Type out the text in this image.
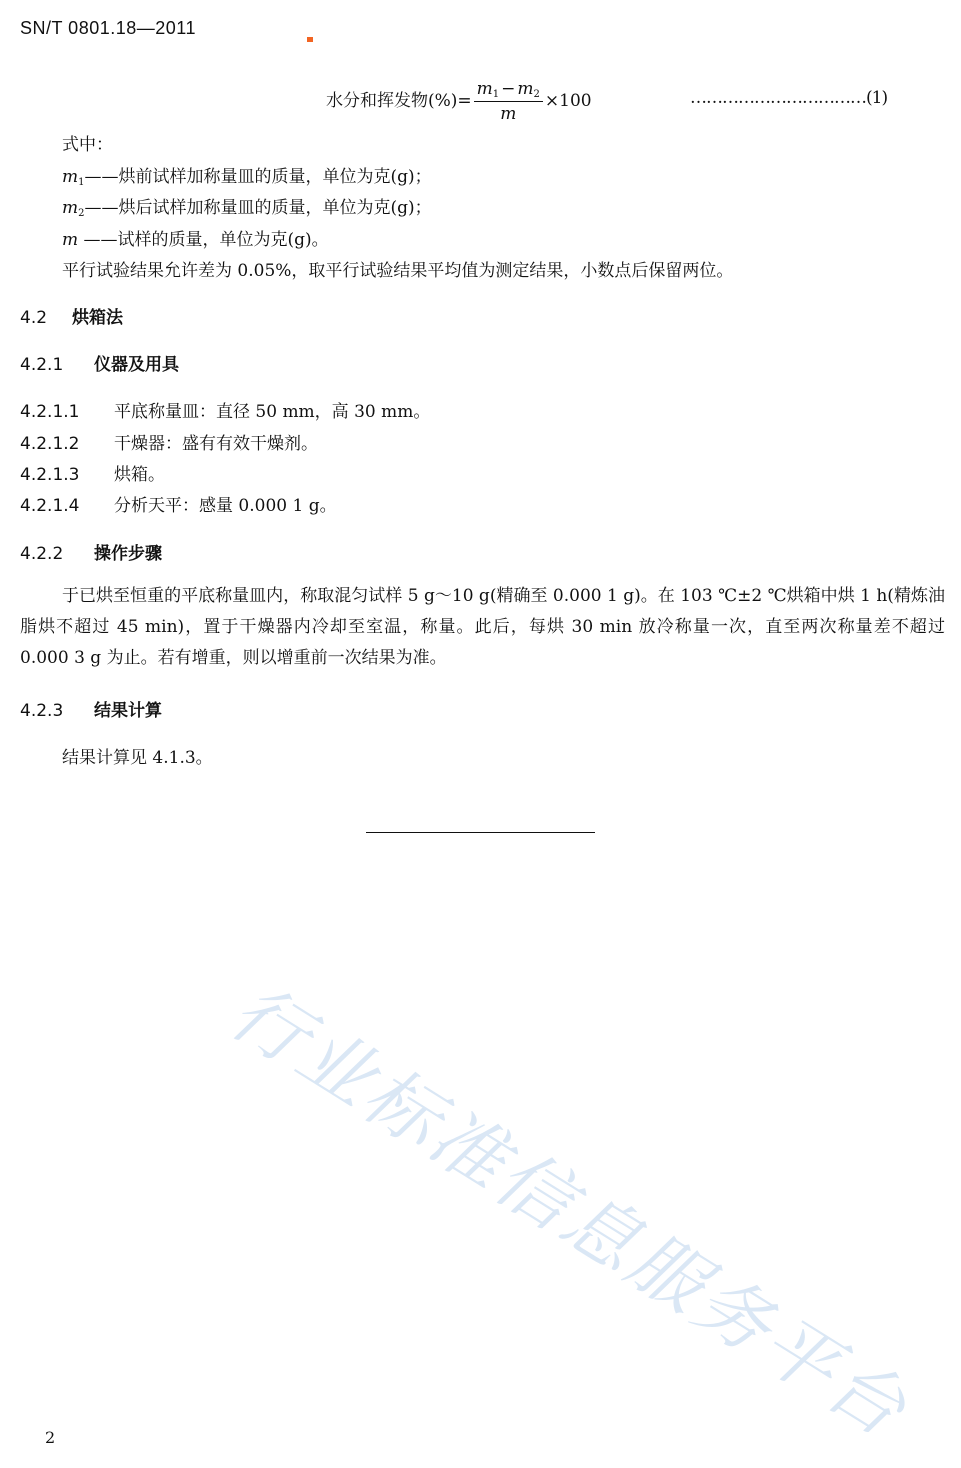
SN/T 0801.18—2011
水分和挥发物(%)= $\frac{m_1 - m_2}{m} \times 100$	……………………………(1)
式中：
$m_1——$烘前试样加称量皿的质量，单位为克(g)；
$m_2——$烘后试样加称量皿的质量，单位为克(g)；
m ——试样的质量，单位为克(g)。
平行试验结果允许差为 0.05%，取平行试验结果平均值为测定结果，小数点后保留两位。
4.2 烘箱法
4.2.1 仪器及用具
4.2.1.1 平底称量皿：直径 50 mm，高 30 mm。
4.2.1.2 干燥器：盛有有效干燥剂。
4.2.1.3 烘箱。
4.2.1.4 分析天平：感量 0.000 1 g。
4.2.2 操作步骤
于已烘至恒重的平底称量皿内，称取混匀试样 5 g～10 g(精确至 0.000 1 g)。在 103 ℃±2 ℃烘箱中烘 1 h(精炼油脂烘不超过 45 min)，置于干燥器内冷却至室温，称量。此后，每烘 30 min 放冷称量一次，直至两次称量差不超过 0.000 3 g 为止。若有增重，则以增重前一次结果为准。
4.2.3 结果计算
结果计算见 4.1.3。
行业标准信息服务平台
2
